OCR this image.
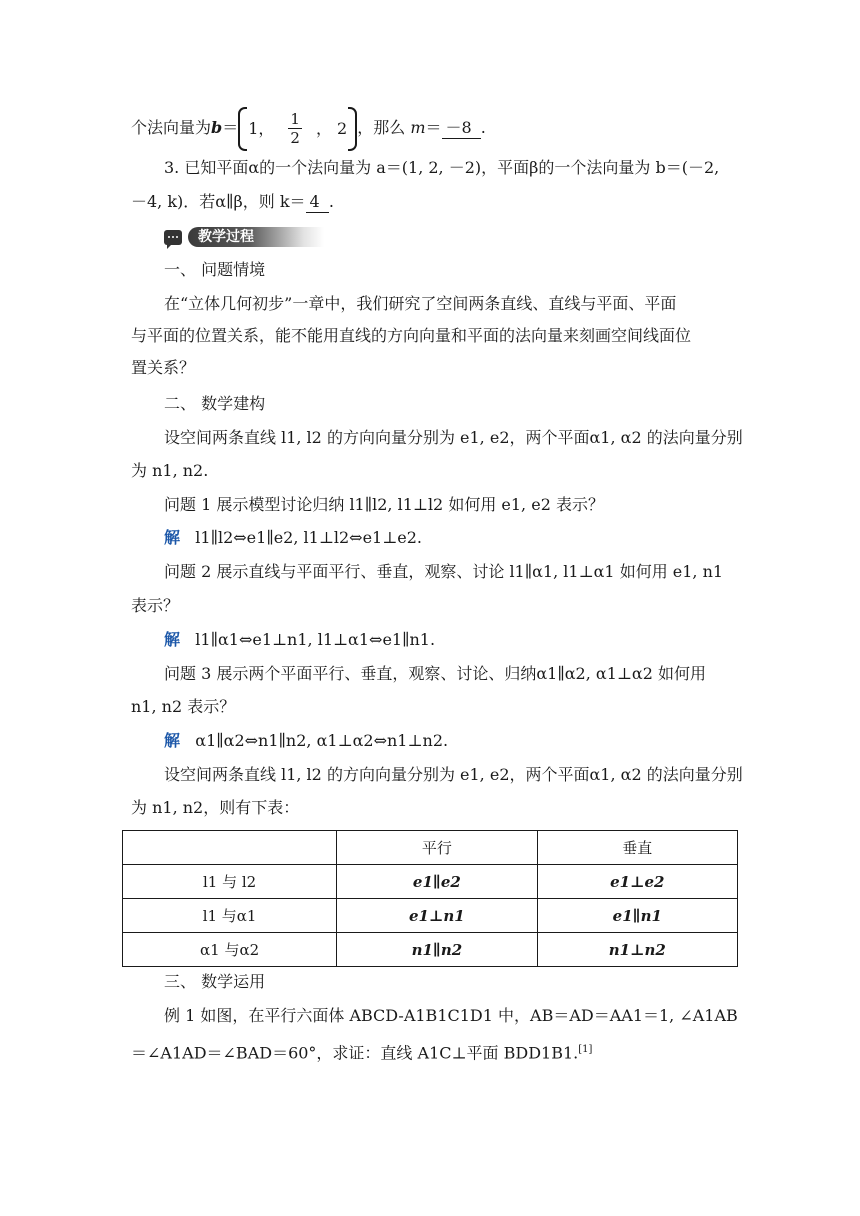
个法向量为b＝ 1， $\frac{1}{2}$ ， 2 ，那么 m＝ －8 .
3. 已知平面α的一个法向量为 a＝(1, 2, －2)，平面β的一个法向量为 b＝(－2,
－4, k)．若α∥β，则 k＝ 4 .
教学过程
一、 问题情境
在“立体几何初步”一章中，我们研究了空间两条直线、直线与平面、平面
与平面的位置关系，能不能用直线的方向向量和平面的法向量来刻画空间线面位
置关系？
二、 数学建构
设空间两条直线 l1, l2 的方向向量分别为 e1, e2，两个平面α1, α2 的法向量分别
为 n1, n2.
问题 1 展示模型讨论归纳 l1∥l2, l1⊥l2 如何用 e1, e2 表示？
解 l1∥l2⇔e1∥e2, l1⊥l2⇔e1⊥e2.
问题 2 展示直线与平面平行、垂直，观察、讨论 l1∥α1, l1⊥α1 如何用 e1, n1
表示？
解 l1∥α1⇔e1⊥n1, l1⊥α1⇔e1∥n1.
问题 3 展示两个平面平行、垂直，观察、讨论、归纳α1∥α2, α1⊥α2 如何用
n1, n2 表示？
解 α1∥α2⇔n1∥n2, α1⊥α2⇔n1⊥n2.
设空间两条直线 l1, l2 的方向向量分别为 e1, e2，两个平面α1, α2 的法向量分别
为 n1, n2，则有下表：
	平行	垂直
l1 与 l2	e1∥e2	e1⊥e2
l1 与α1	e1⊥n1	e1∥n1
α1 与α2	n1∥n2	n1⊥n2
三、 数学运用
例 1 如图，在平行六面体 ABCD-A1B1C1D1 中，AB＝AD＝AA1＝1, ∠A1AB
＝∠A1AD＝∠BAD＝60°，求证：直线 A1C⊥平面 BDD1B1.[1]
